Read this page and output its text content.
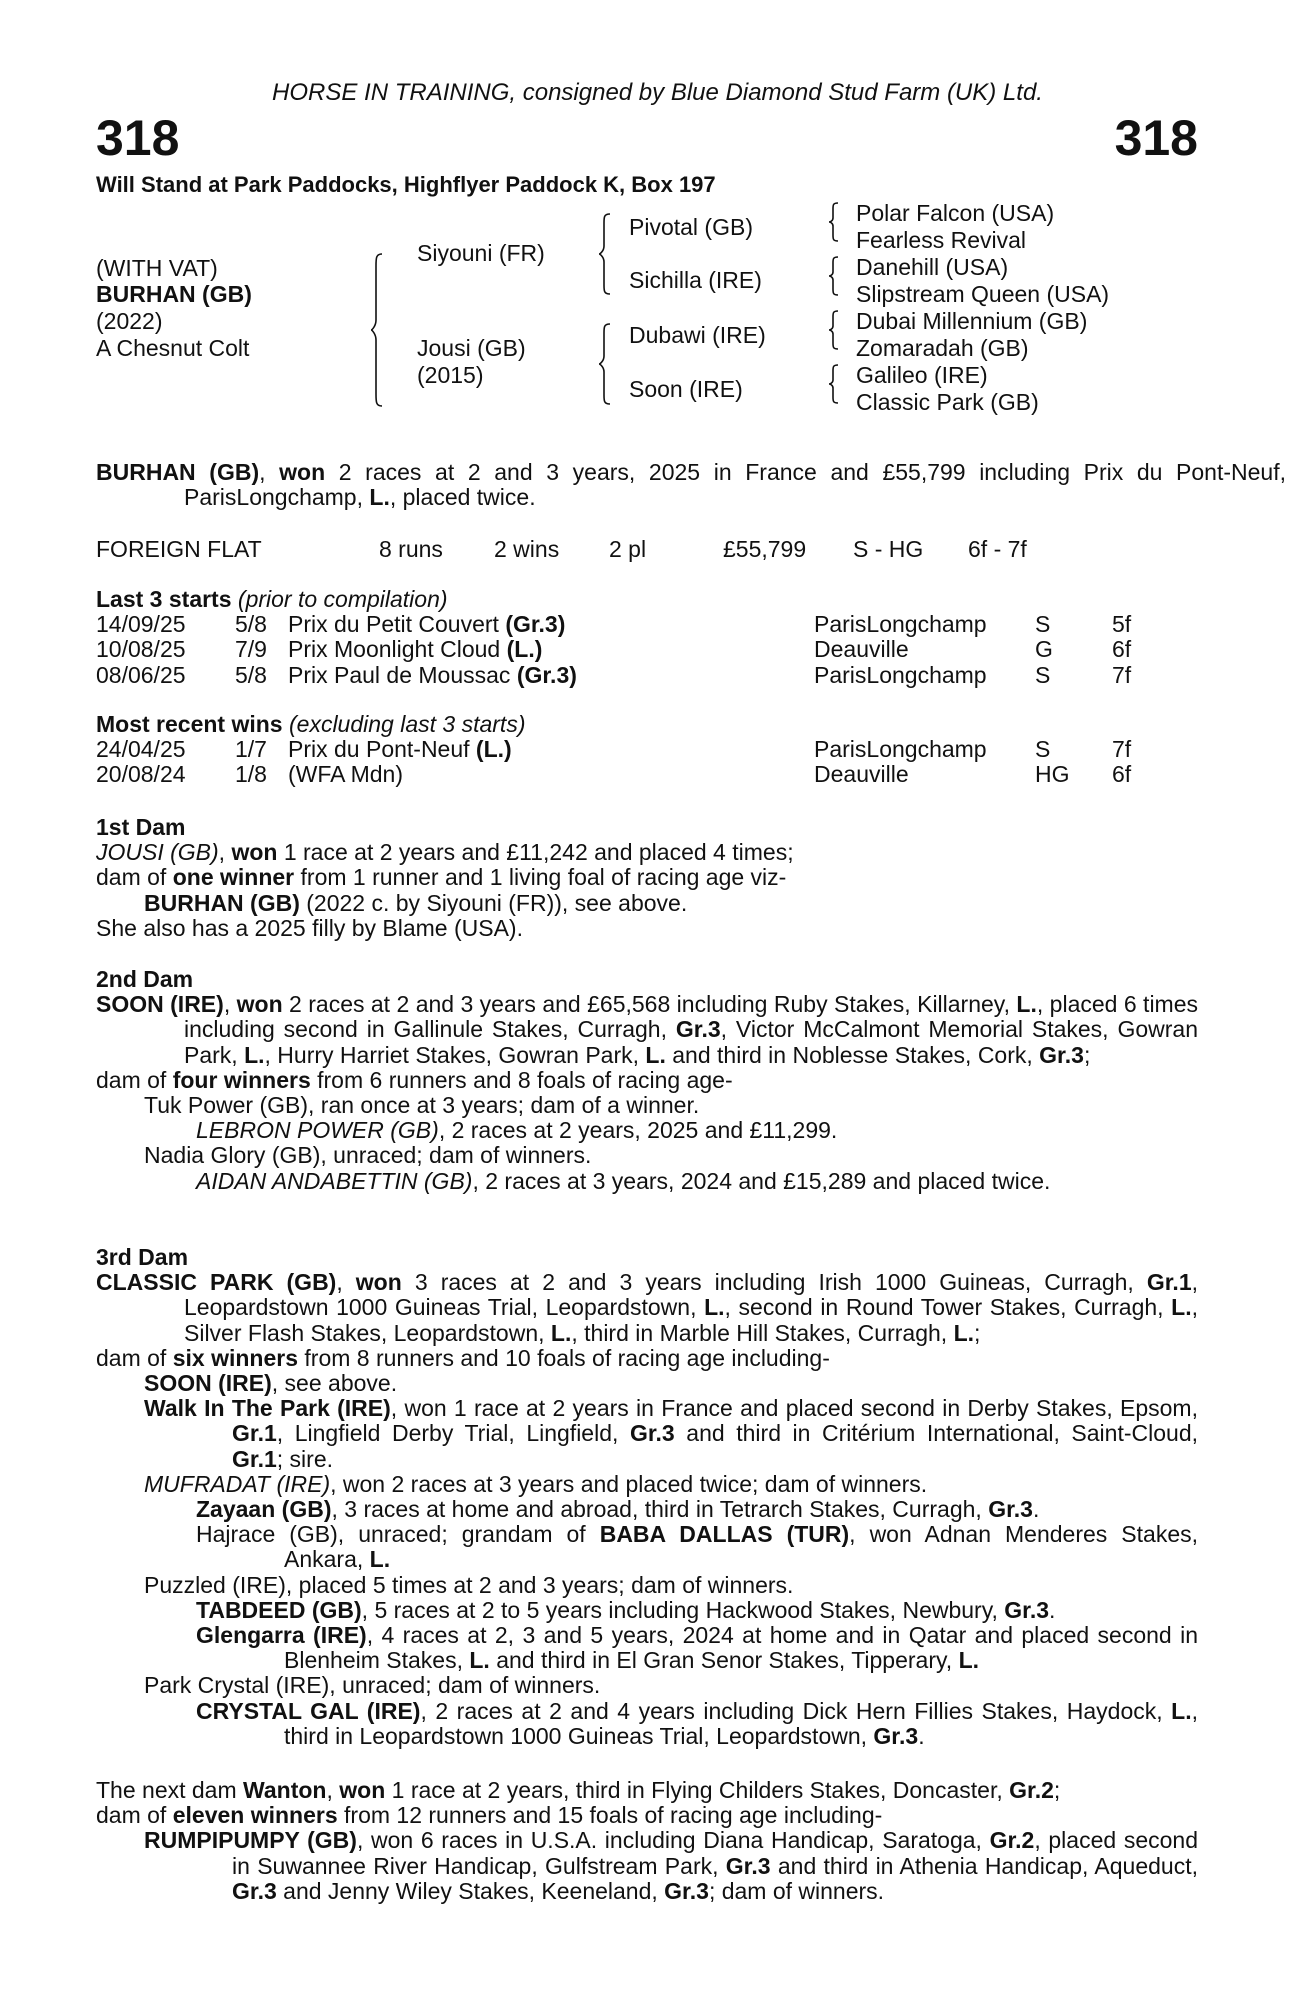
HORSE IN TRAINING, consigned by Blue Diamond Stud Farm (UK) Ltd.
318	318
Will Stand at Park Paddocks, Highflyer Paddock K, Box 197
(WITH VAT)
BURHAN (GB)
(2022)
A Chesnut Colt
Siyouni (FR)
Jousi (GB)
(2015)
Pivotal (GB)
Sichilla (IRE)
Dubawi (IRE)
Soon (IRE)
Polar Falcon (USA)
Fearless Revival
Danehill (USA)
Slipstream Queen (USA)
Dubai Millennium (GB)
Zomaradah (GB)
Galileo (IRE)
Classic Park (GB)
BURHAN (GB), won 2 races at 2 and 3 years, 2025 in France and £55,799 including Prix du Pont-Neuf, ParisLongchamp, L., placed twice.
FOREIGN FLAT	8 runs 2 wins 2 pl	£55,799 S - HG 6f - 7f
Last 3 starts (prior to compilation)
14/09/25 5/8 Prix du Petit Couvert (Gr.3)	ParisLongchamp S	5f
10/08/25 7/9 Prix Moonlight Cloud (L.)	Deauville	G	6f
08/06/25 5/8 Prix Paul de Moussac (Gr.3)	ParisLongchamp S	7f
Most recent wins (excluding last 3 starts)
24/04/25 1/7 Prix du Pont-Neuf (L.)	ParisLongchamp S	7f
20/08/24 1/8 (WFA Mdn)	Deauville	HG 6f
1st Dam
JOUSI (GB), won 1 race at 2 years and £11,242 and placed 4 times;
dam of one winner from 1 runner and 1 living foal of racing age viz-
BURHAN (GB) (2022 c. by Siyouni (FR)), see above.
She also has a 2025 filly by Blame (USA).
2nd Dam
SOON (IRE), won 2 races at 2 and 3 years and £65,568 including Ruby Stakes, Killarney, L., placed 6 times including second in Gallinule Stakes, Curragh, Gr.3, Victor McCalmont Memorial Stakes, Gowran Park, L., Hurry Harriet Stakes, Gowran Park, L. and third in Noblesse Stakes, Cork, Gr.3;
dam of four winners from 6 runners and 8 foals of racing age-
Tuk Power (GB), ran once at 3 years; dam of a winner.
LEBRON POWER (GB), 2 races at 2 years, 2025 and £11,299.
Nadia Glory (GB), unraced; dam of winners.
AIDAN ANDABETTIN (GB), 2 races at 3 years, 2024 and £15,289 and placed twice.
3rd Dam
CLASSIC PARK (GB), won 3 races at 2 and 3 years including Irish 1000 Guineas, Curragh, Gr.1, Leopardstown 1000 Guineas Trial, Leopardstown, L., second in Round Tower Stakes, Curragh, L., Silver Flash Stakes, Leopardstown, L., third in Marble Hill Stakes, Curragh, L.;
dam of six winners from 8 runners and 10 foals of racing age including-
SOON (IRE), see above.
Walk In The Park (IRE), won 1 race at 2 years in France and placed second in Derby Stakes, Epsom, Gr.1, Lingfield Derby Trial, Lingfield, Gr.3 and third in Critérium International, Saint-Cloud, Gr.1; sire.
MUFRADAT (IRE), won 2 races at 3 years and placed twice; dam of winners.
Zayaan (GB), 3 races at home and abroad, third in Tetrarch Stakes, Curragh, Gr.3.
Hajrace (GB), unraced; grandam of BABA DALLAS (TUR), won Adnan Menderes Stakes, Ankara, L.
Puzzled (IRE), placed 5 times at 2 and 3 years; dam of winners.
TABDEED (GB), 5 races at 2 to 5 years including Hackwood Stakes, Newbury, Gr.3.
Glengarra (IRE), 4 races at 2, 3 and 5 years, 2024 at home and in Qatar and placed second in Blenheim Stakes, L. and third in El Gran Senor Stakes, Tipperary, L.
Park Crystal (IRE), unraced; dam of winners.
CRYSTAL GAL (IRE), 2 races at 2 and 4 years including Dick Hern Fillies Stakes, Haydock, L., third in Leopardstown 1000 Guineas Trial, Leopardstown, Gr.3.
The next dam Wanton, won 1 race at 2 years, third in Flying Childers Stakes, Doncaster, Gr.2;
dam of eleven winners from 12 runners and 15 foals of racing age including-
RUMPIPUMPY (GB), won 6 races in U.S.A. including Diana Handicap, Saratoga, Gr.2, placed second in Suwannee River Handicap, Gulfstream Park, Gr.3 and third in Athenia Handicap, Aqueduct, Gr.3 and Jenny Wiley Stakes, Keeneland, Gr.3; dam of winners.
